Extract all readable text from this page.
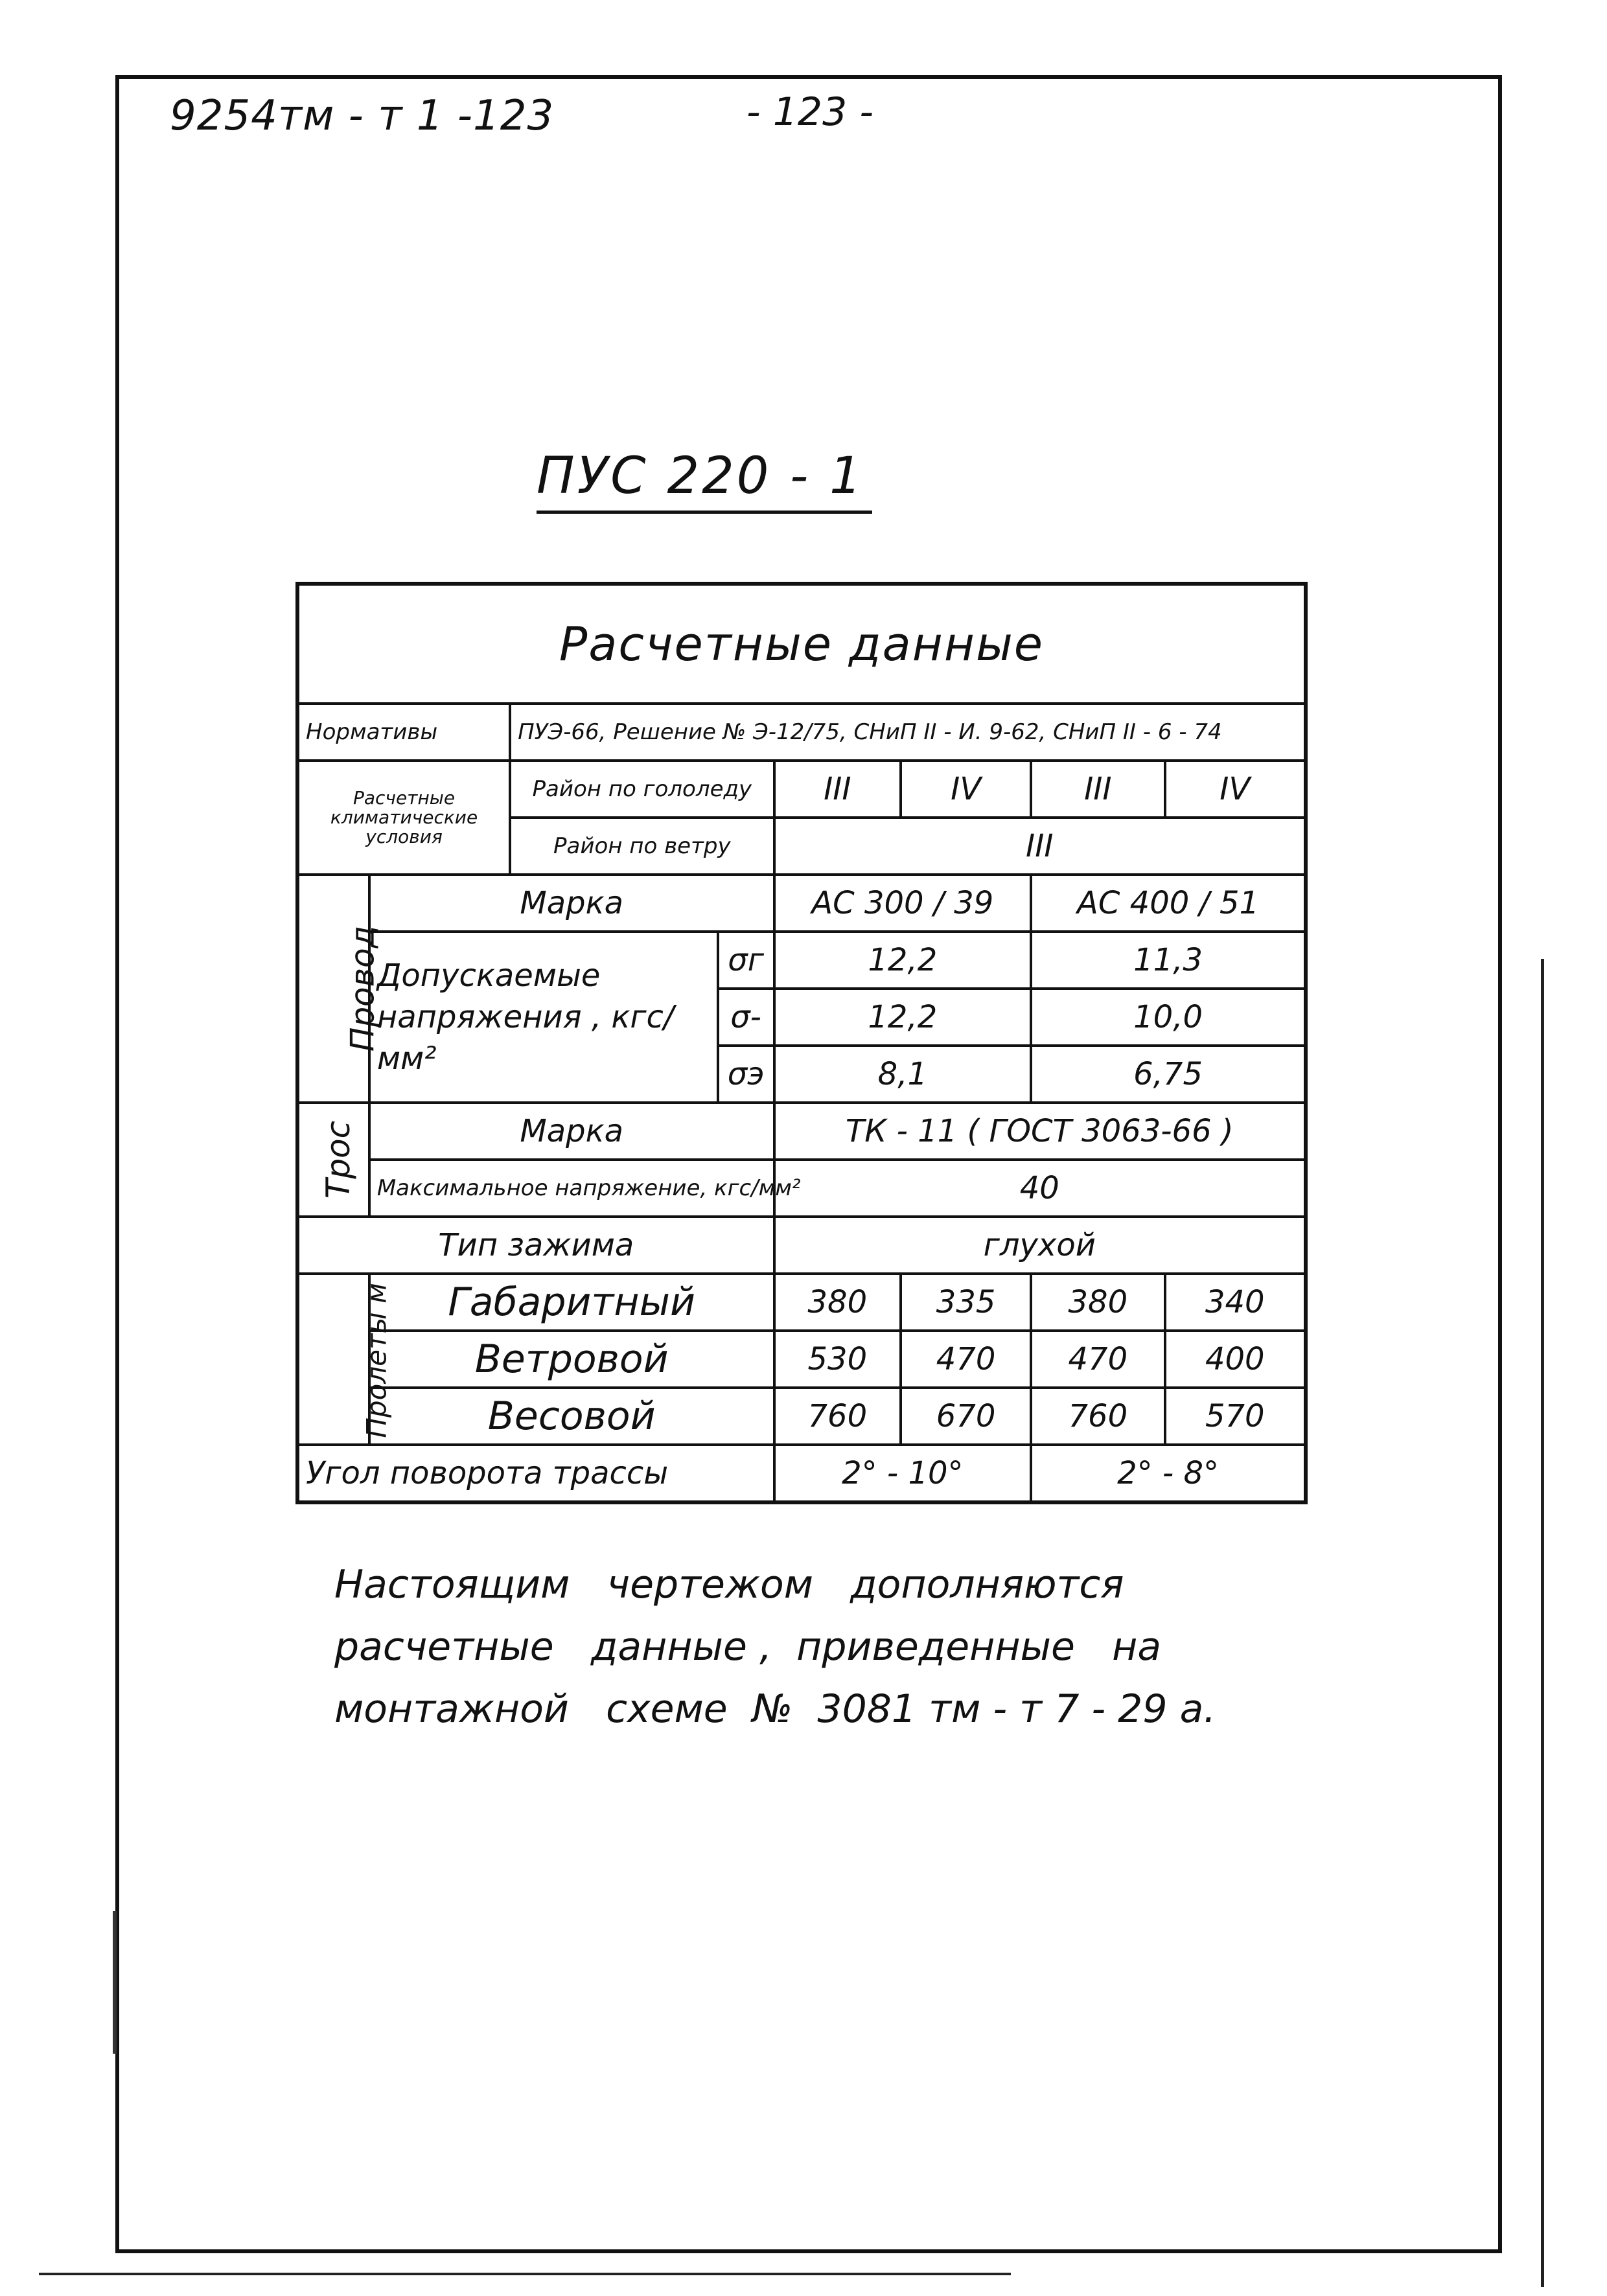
9254тм - т 1 -123	- 123 -
ПУС 220 - 1
Расчетные данные							
Нормативы		ПУЭ-66, Решение № Э-12/75, СНиП II - И. 9-62, СНиП II - 6 - 74					
Расчетные климатические условия		Район по гололеду		III	IV	III	IV
		Район по ветру		III			
Провод	Марка			АС 300 / 39		АС 400 / 51	
	Допускаемые напряжения , кгс/мм²		σг	12,2		11,3	
			σ-	12,2		10,0	
			σэ	8,1		6,75	
Трос	Марка			ТК - 11 ( ГОСТ 3063-66 )			
	Максимальное напряжение, кгс/мм²			40			
Тип зажима				глухой			
Пролеты м	Габаритный			380	335	380	340
	Ветровой			530	470	470	400
	Весовой			760	670	760	570
Угол поворота трассы				2° - 10°		2° - 8°	
Настоящим   чертежом   дополняются
расчетные   данные ,  приведенные   на
монтажной   схеме  №  3081 тм - т 7 - 29 а.
